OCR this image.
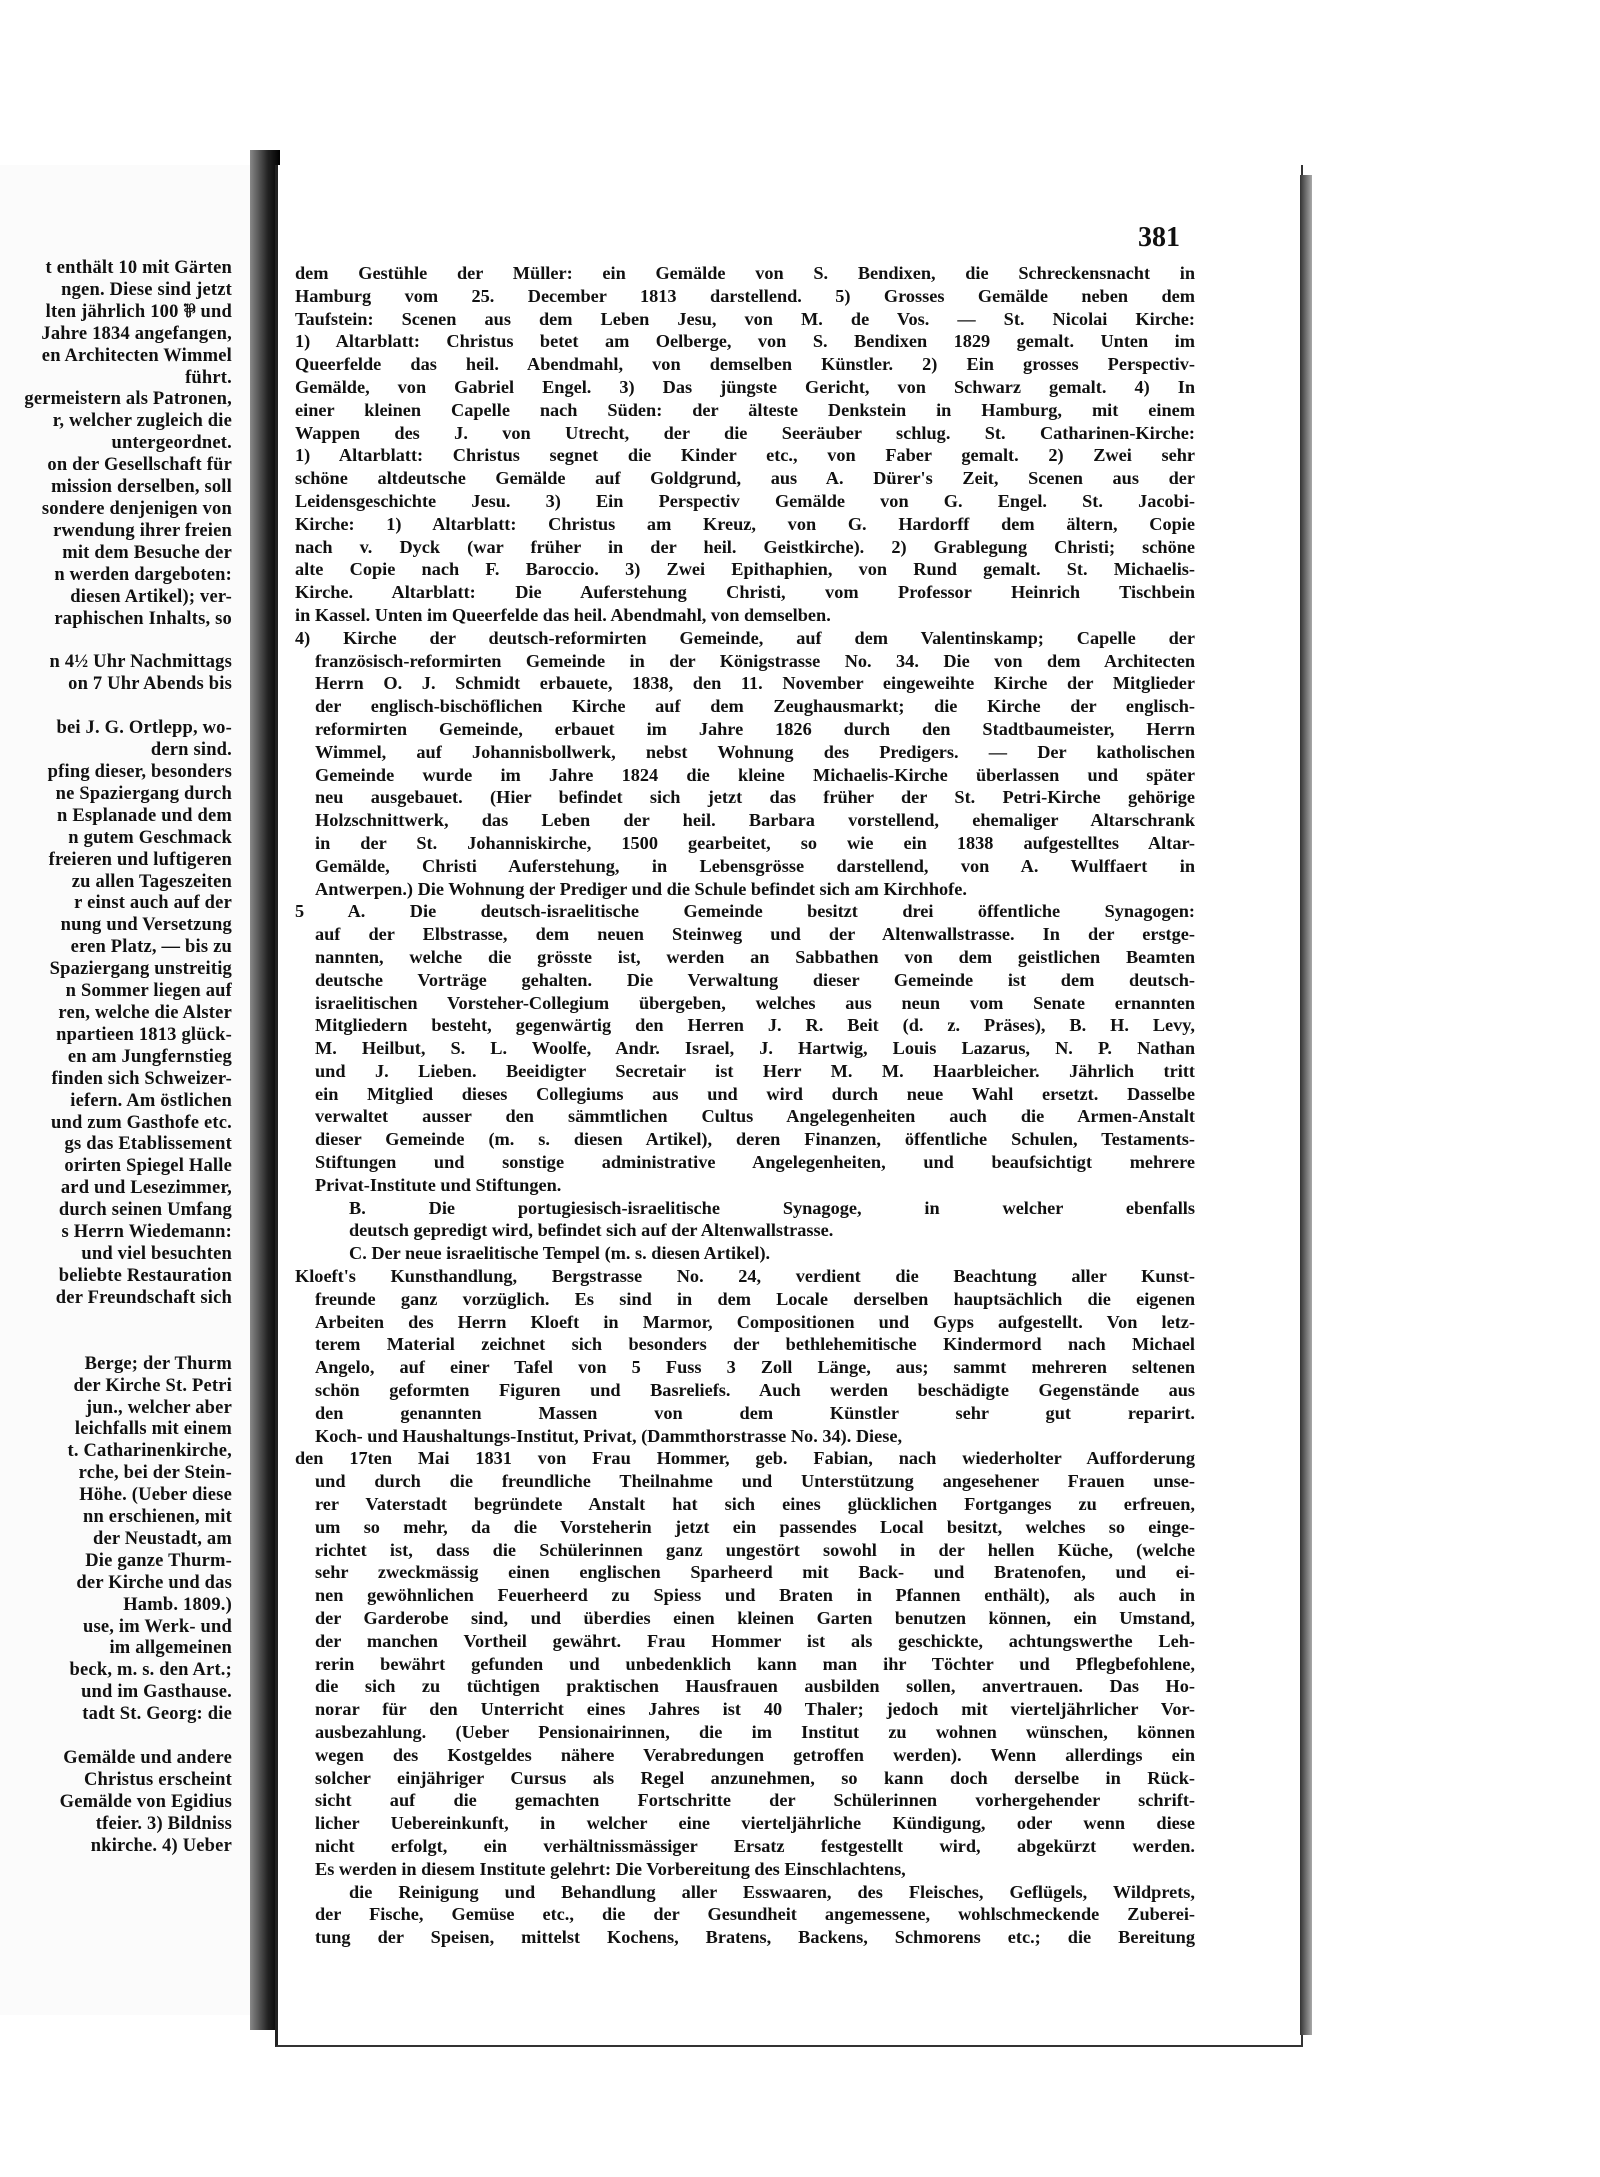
t enthält 10 mit Gärten
ngen. Diese sind jetzt
lten jährlich 100 ⅌ und
Jahre 1834 angefangen,
en Architecten Wimmel
führt.
germeistern als Patronen,
r, welcher zugleich die
untergeordnet.
on der Gesellschaft für
mission derselben, soll
sondere denjenigen von
rwendung ihrer freien
mit dem Besuche der
n werden dargeboten:
diesen Artikel); ver-
raphischen Inhalts, so
n 4½ Uhr Nachmittags
on 7 Uhr Abends bis
bei J. G. Ortlepp, wo-
dern sind.
pfing dieser, besonders
ne Spaziergang durch
n Esplanade und dem
n gutem Geschmack
freieren und luftigeren
zu allen Tageszeiten
r einst auch auf der
nung und Versetzung
eren Platz, — bis zu
Spaziergang unstreitig
n Sommer liegen auf
ren, welche die Alster
npartieen 1813 glück-
en am Jungfernstieg
finden sich Schweizer-
iefern. Am östlichen
und zum Gasthofe etc.
gs das Etablissement
orirten Spiegel Halle
ard und Lesezimmer,
durch seinen Umfang
s Herrn Wiedemann:
und viel besuchten
beliebte Restauration
der Freundschaft sich
Berge; der Thurm
der Kirche St. Petri
jun., welcher aber
leichfalls mit einem
t. Catharinenkirche,
rche, bei der Stein-
Höhe. (Ueber diese
nn erschienen, mit
der Neustadt, am
Die ganze Thurm-
der Kirche und das
Hamb. 1809.)
use, im Werk- und
im allgemeinen
beck, m. s. den Art.;
und im Gasthause.
tadt St. Georg: die
Gemälde und andere
Christus erscheint
Gemälde von Egidius
tfeier. 3) Bildniss
nkirche. 4) Ueber
381
dem Gestühle der Müller: ein Gemälde von S. Bendixen, die Schreckensnacht in
Hamburg vom 25. December 1813 darstellend. 5) Grosses Gemälde neben dem
Taufstein: Scenen aus dem Leben Jesu, von M. de Vos. — St. Nicolai Kirche:
1) Altarblatt: Christus betet am Oelberge, von S. Bendixen 1829 gemalt. Unten im
Queerfelde das heil. Abendmahl, von demselben Künstler. 2) Ein grosses Perspectiv-
Gemälde, von Gabriel Engel. 3) Das jüngste Gericht, von Schwarz gemalt. 4) In
einer kleinen Capelle nach Süden: der älteste Denkstein in Hamburg, mit einem
Wappen des J. von Utrecht, der die Seeräuber schlug. St. Catharinen-Kirche:
1) Altarblatt: Christus segnet die Kinder etc., von Faber gemalt. 2) Zwei sehr
schöne altdeutsche Gemälde auf Goldgrund, aus A. Dürer's Zeit, Scenen aus der
Leidensgeschichte Jesu. 3) Ein Perspectiv Gemälde von G. Engel. St. Jacobi-
Kirche: 1) Altarblatt: Christus am Kreuz, von G. Hardorff dem ältern, Copie
nach v. Dyck (war früher in der heil. Geistkirche). 2) Grablegung Christi; schöne
alte Copie nach F. Baroccio. 3) Zwei Epithaphien, von Rund gemalt. St. Michaelis-
Kirche. Altarblatt: Die Auferstehung Christi, vom Professor Heinrich Tischbein
in Kassel. Unten im Queerfelde das heil. Abendmahl, von demselben.
4) Kirche der deutsch-reformirten Gemeinde, auf dem Valentinskamp; Capelle der
französisch-reformirten Gemeinde in der Königstrasse No. 34. Die von dem Architecten
Herrn O. J. Schmidt erbauete, 1838, den 11. November eingeweihte Kirche der Mitglieder
der englisch-bischöflichen Kirche auf dem Zeughausmarkt; die Kirche der englisch-
reformirten Gemeinde, erbauet im Jahre 1826 durch den Stadtbaumeister, Herrn
Wimmel, auf Johannisbollwerk, nebst Wohnung des Predigers. — Der katholischen
Gemeinde wurde im Jahre 1824 die kleine Michaelis-Kirche überlassen und später
neu ausgebauet. (Hier befindet sich jetzt das früher der St. Petri-Kirche gehörige
Holzschnittwerk, das Leben der heil. Barbara vorstellend, ehemaliger Altarschrank
in der St. Johanniskirche, 1500 gearbeitet, so wie ein 1838 aufgestelltes Altar-
Gemälde, Christi Auferstehung, in Lebensgrösse darstellend, von A. Wulffaert in
Antwerpen.) Die Wohnung der Prediger und die Schule befindet sich am Kirchhofe.
5 A. Die deutsch-israelitische Gemeinde besitzt drei öffentliche Synagogen:
auf der Elbstrasse, dem neuen Steinweg und der Altenwallstrasse. In der erstge-
nannten, welche die grösste ist, werden an Sabbathen von dem geistlichen Beamten
deutsche Vorträge gehalten. Die Verwaltung dieser Gemeinde ist dem deutsch-
israelitischen Vorsteher-Collegium übergeben, welches aus neun vom Senate ernannten
Mitgliedern besteht, gegenwärtig den Herren J. R. Beit (d. z. Präses), B. H. Levy,
M. Heilbut, S. L. Woolfe, Andr. Israel, J. Hartwig, Louis Lazarus, N. P. Nathan
und J. Lieben. Beeidigter Secretair ist Herr M. M. Haarbleicher. Jährlich tritt
ein Mitglied dieses Collegiums aus und wird durch neue Wahl ersetzt. Dasselbe
verwaltet ausser den sämmtlichen Cultus Angelegenheiten auch die Armen-Anstalt
dieser Gemeinde (m. s. diesen Artikel), deren Finanzen, öffentliche Schulen, Testaments-
Stiftungen und sonstige administrative Angelegenheiten, und beaufsichtigt mehrere
Privat-Institute und Stiftungen.
B. Die portugiesisch-israelitische Synagoge, in welcher ebenfalls
deutsch gepredigt wird, befindet sich auf der Altenwallstrasse.
C. Der neue israelitische Tempel (m. s. diesen Artikel).
Kloeft's Kunsthandlung, Bergstrasse No. 24, verdient die Beachtung aller Kunst-
freunde ganz vorzüglich. Es sind in dem Locale derselben hauptsächlich die eigenen
Arbeiten des Herrn Kloeft in Marmor, Compositionen und Gyps aufgestellt. Von letz-
terem Material zeichnet sich besonders der bethlehemitische Kindermord nach Michael
Angelo, auf einer Tafel von 5 Fuss 3 Zoll Länge, aus; sammt mehreren seltenen
schön geformten Figuren und Basreliefs. Auch werden beschädigte Gegenstände aus
den genannten Massen von dem Künstler sehr gut reparirt.
Koch- und Haushaltungs-Institut, Privat, (Dammthorstrasse No. 34). Diese,
den 17ten Mai 1831 von Frau Hommer, geb. Fabian, nach wiederholter Aufforderung
und durch die freundliche Theilnahme und Unterstützung angesehener Frauen unse-
rer Vaterstadt begründete Anstalt hat sich eines glücklichen Fortganges zu erfreuen,
um so mehr, da die Vorsteherin jetzt ein passendes Local besitzt, welches so einge-
richtet ist, dass die Schülerinnen ganz ungestört sowohl in der hellen Küche, (welche
sehr zweckmässig einen englischen Sparheerd mit Back- und Bratenofen, und ei-
nen gewöhnlichen Feuerheerd zu Spiess und Braten in Pfannen enthält), als auch in
der Garderobe sind, und überdies einen kleinen Garten benutzen können, ein Umstand,
der manchen Vortheil gewährt. Frau Hommer ist als geschickte, achtungswerthe Leh-
rerin bewährt gefunden und unbedenklich kann man ihr Töchter und Pflegbefohlene,
die sich zu tüchtigen praktischen Hausfrauen ausbilden sollen, anvertrauen. Das Ho-
norar für den Unterricht eines Jahres ist 40 Thaler; jedoch mit vierteljährlicher Vor-
ausbezahlung. (Ueber Pensionairinnen, die im Institut zu wohnen wünschen, können
wegen des Kostgeldes nähere Verabredungen getroffen werden). Wenn allerdings ein
solcher einjähriger Cursus als Regel anzunehmen, so kann doch derselbe in Rück-
sicht auf die gemachten Fortschritte der Schülerinnen vorhergehender schrift-
licher Uebereinkunft, in welcher eine vierteljährliche Kündigung, oder wenn diese
nicht erfolgt, ein verhältnissmässiger Ersatz festgestellt wird, abgekürzt werden.
Es werden in diesem Institute gelehrt: Die Vorbereitung des Einschlachtens,
die Reinigung und Behandlung aller Esswaaren, des Fleisches, Geflügels, Wildprets,
der Fische, Gemüse etc., die der Gesundheit angemessene, wohlschmeckende Zuberei-
tung der Speisen, mittelst Kochens, Bratens, Backens, Schmorens etc.; die Bereitung
